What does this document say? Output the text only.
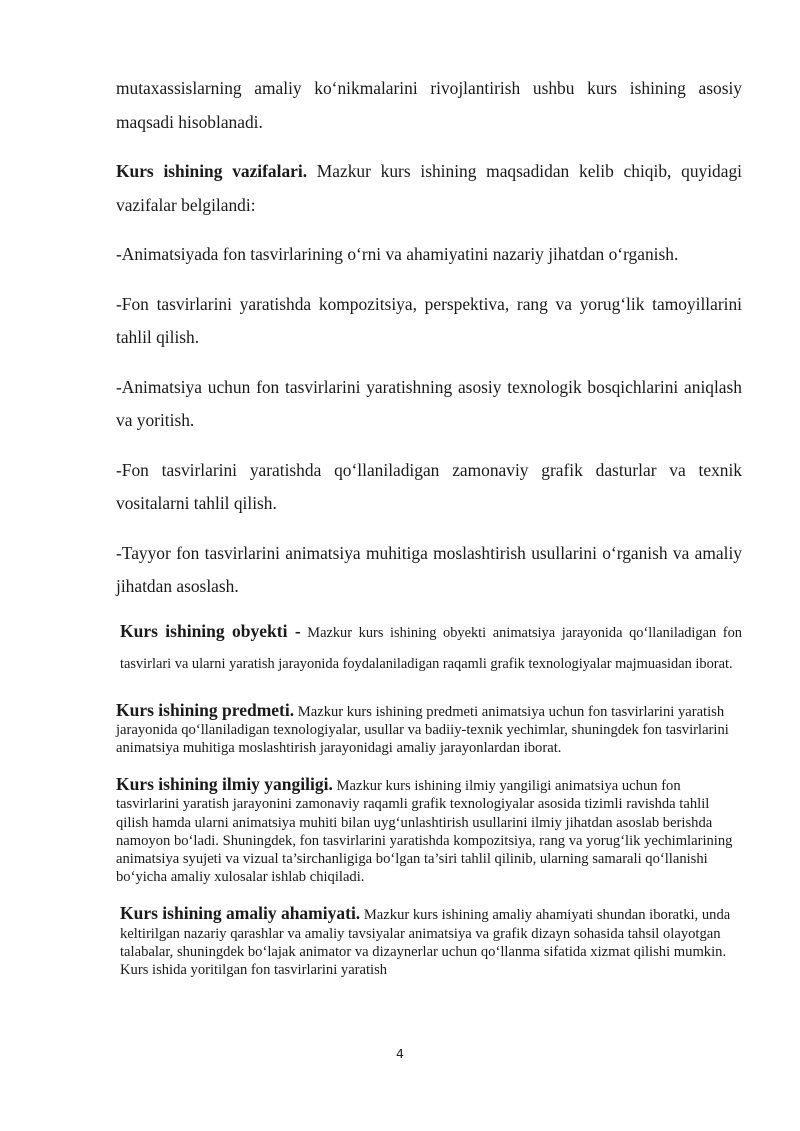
mutaxassislarning amaliy ko‘nikmalarini rivojlantirish ushbu kurs ishining asosiy maqsadi hisoblanadi.

Kurs ishining vazifalari. Mazkur kurs ishining maqsadidan kelib chiqib, quyidagi vazifalar belgilandi:

-Animatsiyada fon tasvirlarining o‘rni va ahamiyatini nazariy jihatdan o‘rganish.

-Fon tasvirlarini yaratishda kompozitsiya, perspektiva, rang va yorug‘lik tamoyillarini tahlil qilish.

-Animatsiya uchun fon tasvirlarini yaratishning asosiy texnologik bosqichlarini aniqlash va yoritish.

-Fon tasvirlarini yaratishda qo‘llaniladigan zamonaviy grafik dasturlar va texnik vositalarni tahlil qilish.

-Tayyor fon tasvirlarini animatsiya muhitiga moslashtirish usullarini o‘rganish va amaliy jihatdan asoslash.

Kurs ishining obyekti - Mazkur kurs ishining obyekti animatsiya jarayonida qo‘llaniladigan fon tasvirlari va ularni yaratish jarayonida foydalaniladigan raqamli grafik texnologiyalar majmuasidan iborat.

Kurs ishining predmeti. Mazkur kurs ishining predmeti animatsiya uchun fon tasvirlarini yaratish jarayonida qo‘llaniladigan texnologiyalar, usullar va badiiy-texnik yechimlar, shuningdek fon tasvirlarini animatsiya muhitiga moslashtirish jarayonidagi amaliy jarayonlardan iborat.

Kurs ishining ilmiy yangiligi. Mazkur kurs ishining ilmiy yangiligi animatsiya uchun fon tasvirlarini yaratish jarayonini zamonaviy raqamli grafik texnologiyalar asosida tizimli ravishda tahlil qilish hamda ularni animatsiya muhiti bilan uyg‘unlashtirish usullarini ilmiy jihatdan asoslab berishda namoyon bo‘ladi. Shuningdek, fon tasvirlarini yaratishda kompozitsiya, rang va yorug‘lik yechimlarining animatsiya syujeti va vizual ta’sirchanligiga bo‘lgan ta’siri tahlil qilinib, ularning samarali qo‘llanishi bo‘yicha amaliy xulosalar ishlab chiqiladi.

Kurs ishining amaliy ahamiyati. Mazkur kurs ishining amaliy ahamiyati shundan iboratki, unda keltirilgan nazariy qarashlar va amaliy tavsiyalar animatsiya va grafik dizayn sohasida tahsil olayotgan talabalar, shuningdek bo‘lajak animator va dizaynerlar uchun qo‘llanma sifatida xizmat qilishi mumkin. Kurs ishida yoritilgan fon tasvirlarini yaratish

4
